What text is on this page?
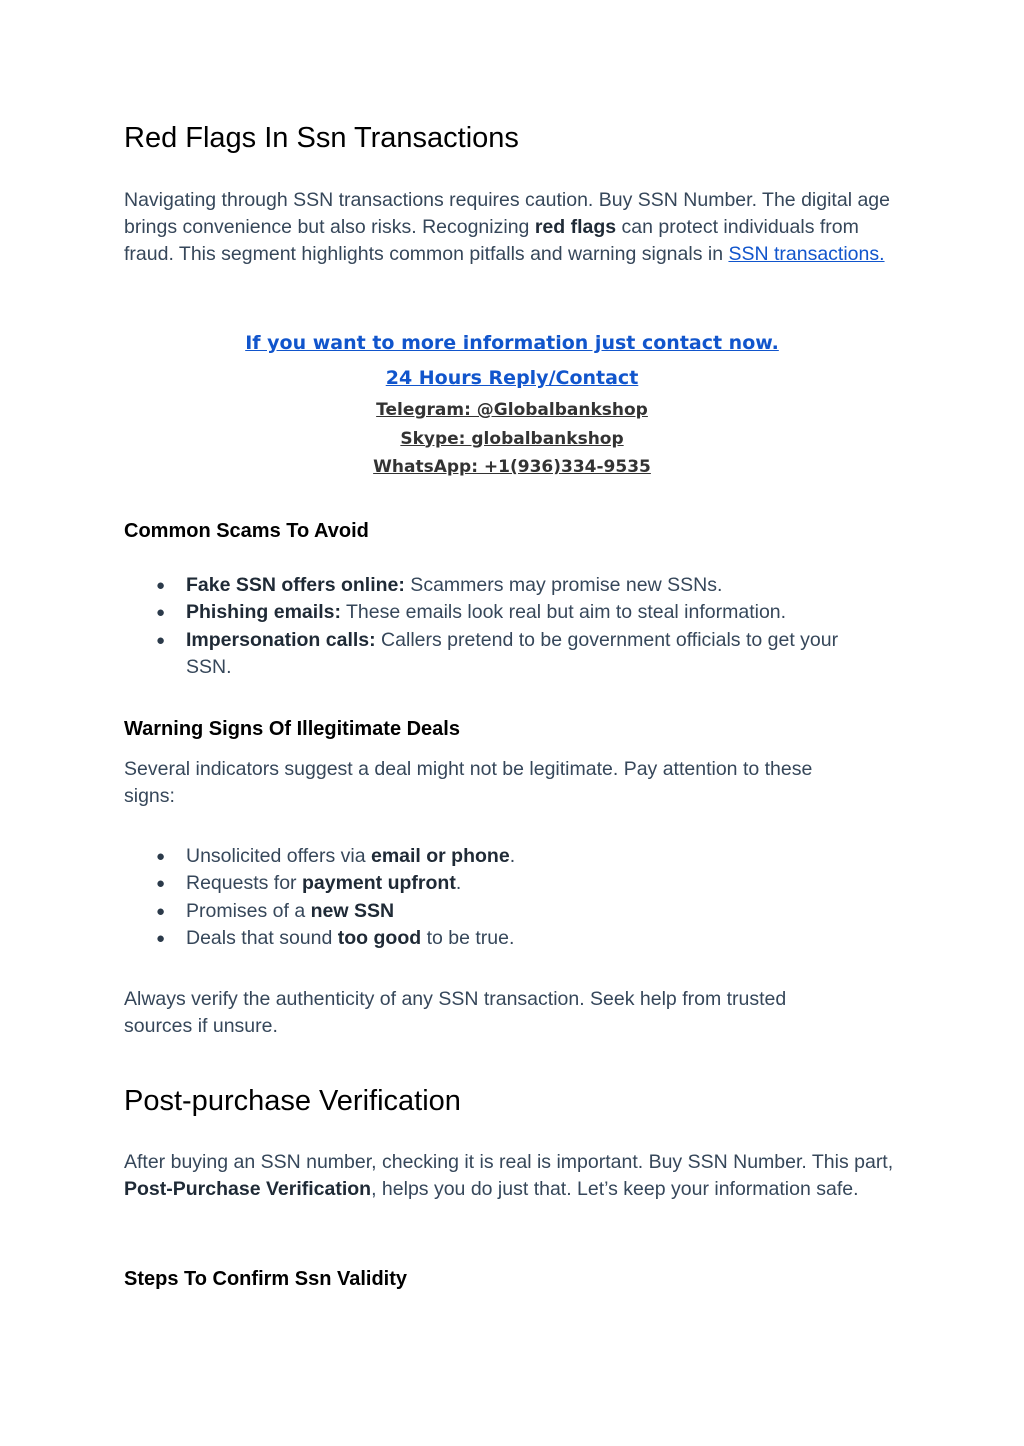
Red Flags In Ssn Transactions

Navigating through SSN transactions requires caution. Buy SSN Number. The digital age brings convenience but also risks. Recognizing red flags can protect individuals from fraud. This segment highlights common pitfalls and warning signals in SSN transactions.

If you want to more information just contact now.
24 Hours Reply/Contact
Telegram: @Globalbankshop
Skype: globalbankshop
WhatsApp: +1(936)334-9535
Common Scams To Avoid
● Fake SSN offers online: Scammers may promise new SSNs.
● Phishing emails: These emails look real but aim to steal information.
● Impersonation calls: Callers pretend to be government officials to get your SSN.
Warning Signs Of Illegitimate Deals

Several indicators suggest a deal might not be legitimate. Pay attention to these signs:

● Unsolicited offers via email or phone.
● Requests for payment upfront.
● Promises of a new SSN
● Deals that sound too good to be true.

Always verify the authenticity of any SSN transaction. Seek help from trusted sources if unsure.

Post-purchase Verification

After buying an SSN number, checking it is real is important. Buy SSN Number. This part, Post-Purchase Verification, helps you do just that. Let’s keep your information safe.

Steps To Confirm Ssn Validity
